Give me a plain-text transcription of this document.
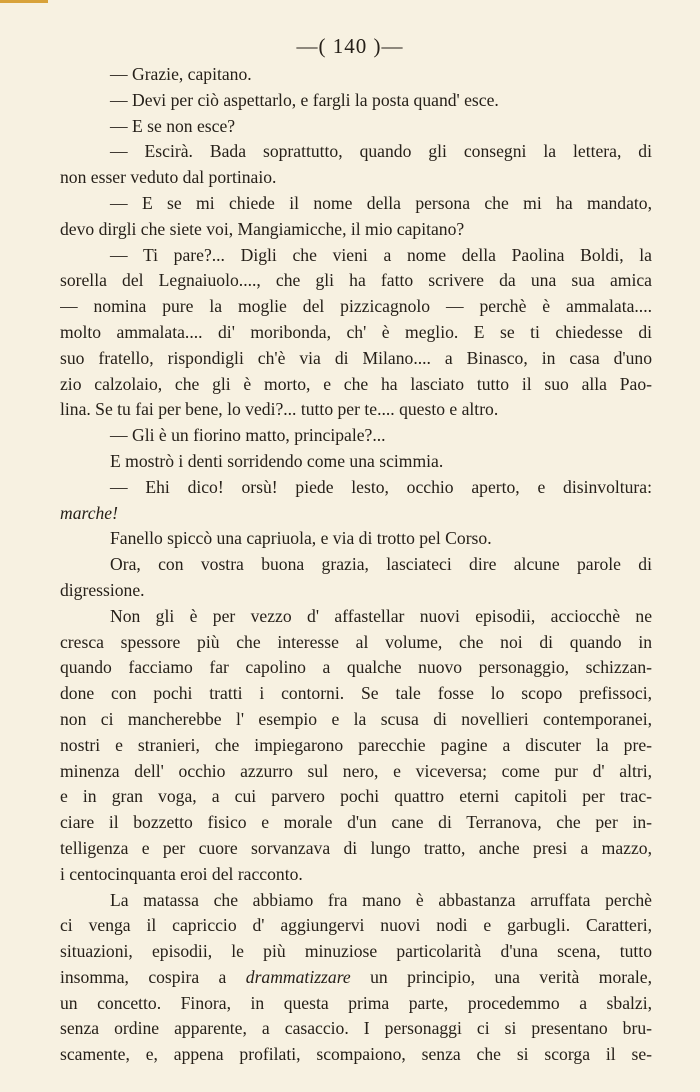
—( 140 )—
— Grazie, capitano.
— Devi per ciò aspettarlo, e fargli la posta quand' esce.
— E se non esce?
— Escirà. Bada soprattutto, quando gli consegni la lettera, di
non esser veduto dal portinaio.
— E se mi chiede il nome della persona che mi ha mandato,
devo dirgli che siete voi, Mangiamicche, il mio capitano?
— Ti pare?... Digli che vieni a nome della Paolina Boldi, la
sorella del Legnaiuolo...., che gli ha fatto scrivere da una sua amica
— nomina pure la moglie del pizzicagnolo — perchè è ammalata....
molto ammalata.... di' moribonda, ch' è meglio. E se ti chiedesse di
suo fratello, rispondigli ch'è via di Milano.... a Binasco, in casa d'uno
zio calzolaio, che gli è morto, e che ha lasciato tutto il suo alla Pao-
lina. Se tu fai per bene, lo vedi?... tutto per te.... questo e altro.
— Gli è un fiorino matto, principale?...
E mostrò i denti sorridendo come una scimmia.
— Ehi dico! orsù! piede lesto, occhio aperto, e disinvoltura:
marche!
Fanello spiccò una capriuola, e via di trotto pel Corso.
Ora, con vostra buona grazia, lasciateci dire alcune parole di
digressione.
Non gli è per vezzo d' affastellar nuovi episodii, acciocchè ne
cresca spessore più che interesse al volume, che noi di quando in
quando facciamo far capolino a qualche nuovo personaggio, schizzan-
done con pochi tratti i contorni. Se tale fosse lo scopo prefissoci,
non ci mancherebbe l' esempio e la scusa di novellieri contemporanei,
nostri e stranieri, che impiegarono parecchie pagine a discuter la pre-
minenza dell' occhio azzurro sul nero, e viceversa; come pur d' altri,
e in gran voga, a cui parvero pochi quattro eterni capitoli per trac-
ciare il bozzetto fisico e morale d'un cane di Terranova, che per in-
telligenza e per cuore sorvanzava di lungo tratto, anche presi a mazzo,
i centocinquanta eroi del racconto.
La matassa che abbiamo fra mano è abbastanza arruffata perchè
ci venga il capriccio d' aggiungervi nuovi nodi e garbugli. Caratteri,
situazioni, episodii, le più minuziose particolarità d'una scena, tutto
insomma, cospira a drammatizzare un principio, una verità morale,
un concetto. Finora, in questa prima parte, procedemmo a sbalzi,
senza ordine apparente, a casaccio. I personaggi ci si presentano bru-
scamente, e, appena profilati, scompaiono, senza che si scorga il se-
